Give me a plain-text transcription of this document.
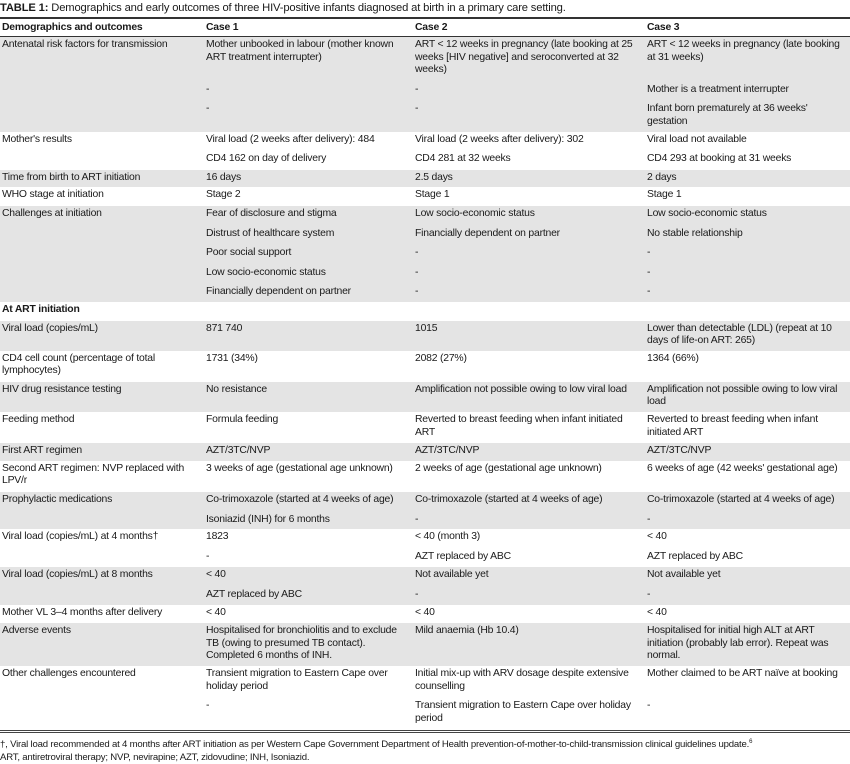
TABLE 1: Demographics and early outcomes of three HIV-positive infants diagnosed at birth in a primary care setting.
Demographics and outcomes	Case 1	Case 2	Case 3
Antenatal risk factors for transmission	Mother unbooked in labour (mother known ART treatment interrupter)	ART < 12 weeks in pregnancy (late booking at 25 weeks [HIV negative] and seroconverted at 32 weeks)	ART < 12 weeks in pregnancy (late booking at 31 weeks)
	-	-	Mother is a treatment interrupter
	-	-	Infant born prematurely at 36 weeks' gestation
Mother's results	Viral load (2 weeks after delivery): 484	Viral load (2 weeks after delivery): 302	Viral load not available
	CD4 162 on day of delivery	CD4 281 at 32 weeks	CD4 293 at booking at 31 weeks
Time from birth to ART initiation	16 days	2.5 days	2 days
WHO stage at initiation	Stage 2	Stage 1	Stage 1
Challenges at initiation	Fear of disclosure and stigma	Low socio-economic status	Low socio-economic status
	Distrust of healthcare system	Financially dependent on partner	No stable relationship
	Poor social support	-	-
	Low socio-economic status	-	-
	Financially dependent on partner	-	-
At ART initiation			
Viral load (copies/mL)	871 740	1015	Lower than detectable (LDL) (repeat at 10 days of life-on ART: 265)
CD4 cell count (percentage of total lymphocytes)	1731 (34%)	2082 (27%)	1364 (66%)
HIV drug resistance testing	No resistance	Amplification not possible owing to low viral load	Amplification not possible owing to low viral load
Feeding method	Formula feeding	Reverted to breast feeding when infant initiated ART	Reverted to breast feeding when infant initiated ART
First ART regimen	AZT/3TC/NVP	AZT/3TC/NVP	AZT/3TC/NVP
Second ART regimen: NVP replaced with LPV/r	3 weeks of age (gestational age unknown)	2 weeks of age (gestational age unknown)	6 weeks of age (42 weeks' gestational age)
Prophylactic medications	Co-trimoxazole (started at 4 weeks of age)	Co-trimoxazole (started at 4 weeks of age)	Co-trimoxazole (started at 4 weeks of age)
	Isoniazid (INH) for 6 months	-	-
Viral load (copies/mL) at 4 months†	1823	< 40 (month 3)	< 40
	-	AZT replaced by ABC	AZT replaced by ABC
Viral load (copies/mL) at 8 months	< 40	Not available yet	Not available yet
	AZT replaced by ABC	-	-
Mother VL 3–4 months after delivery	< 40	< 40	< 40
Adverse events	Hospitalised for bronchiolitis and to exclude TB (owing to presumed TB contact). Completed 6 months of INH.	Mild anaemia (Hb 10.4)	Hospitalised for initial high ALT at ART initiation (probably lab error). Repeat was normal.
Other challenges encountered	Transient migration to Eastern Cape over holiday period	Initial mix-up with ARV dosage despite extensive counselling	Mother claimed to be ART naïve at booking
	-	Transient migration to Eastern Cape over holiday period	-
†, Viral load recommended at 4 months after ART initiation as per Western Cape Government Department of Health prevention-of-mother-to-child-transmission clinical guidelines update.$^6$
ART, antiretroviral therapy; NVP, nevirapine; AZT, zidovudine; INH, Isoniazid.
